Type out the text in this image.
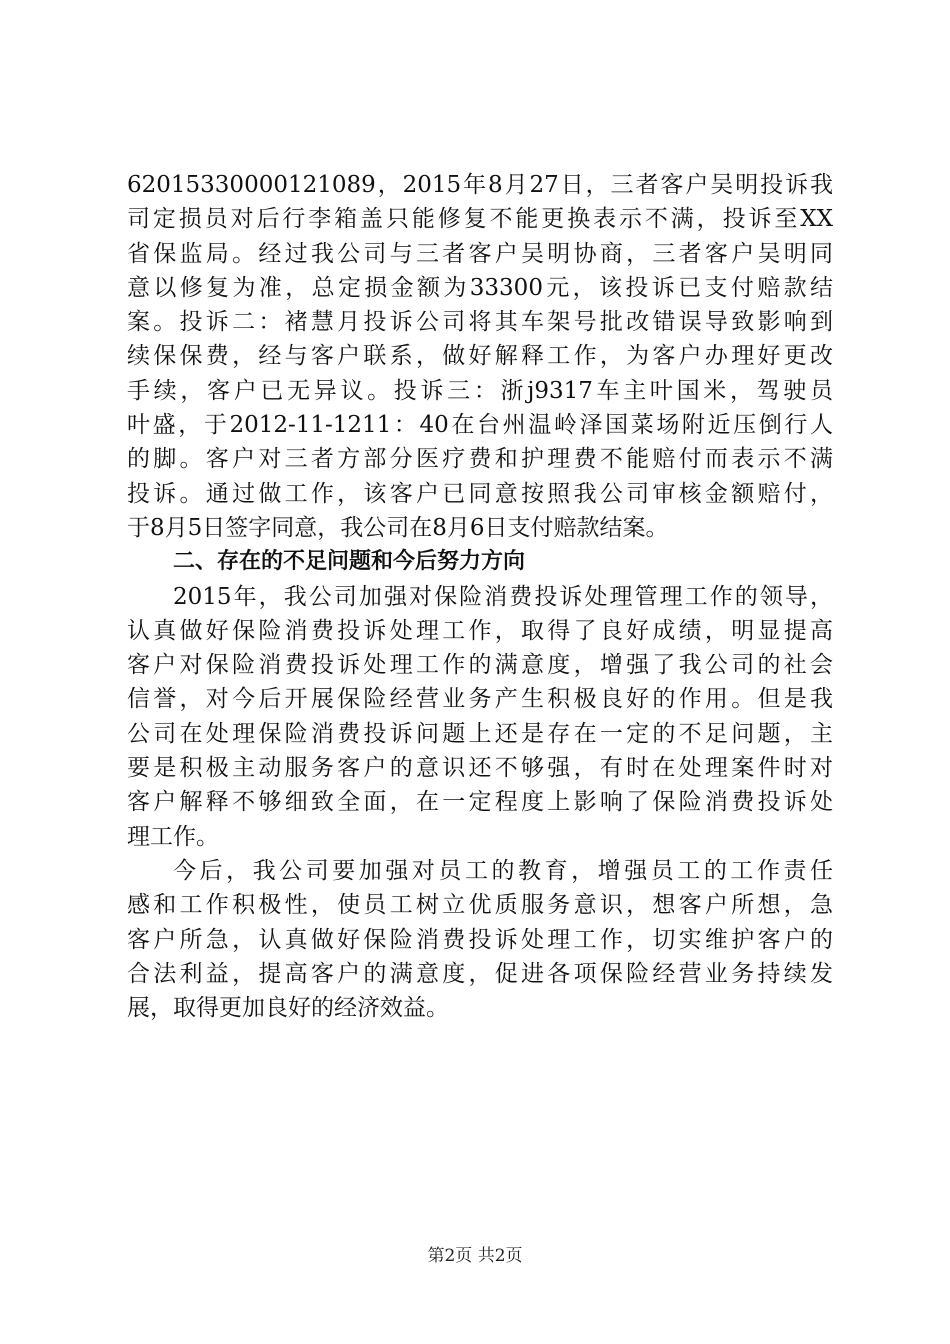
62015330000121089，2015年8月27日，三者客户吴明投诉我
司定损员对后行李箱盖只能修复不能更换表示不满，投诉至XX
省保监局。经过我公司与三者客户吴明协商，三者客户吴明同
意以修复为准，总定损金额为33300元，该投诉已支付赔款结
案。投诉二：褚慧月投诉公司将其车架号批改错误导致影响到
续保保费，经与客户联系，做好解释工作，为客户办理好更改
手续，客户已无异议。投诉三：浙j9317车主叶国米，驾驶员
叶盛，于2012-11-1211：40在台州温岭泽国菜场附近压倒行人
的脚。客户对三者方部分医疗费和护理费不能赔付而表示不满
投诉。通过做工作，该客户已同意按照我公司审核金额赔付，
于8月5日签字同意，我公司在8月6日支付赔款结案。
二、存在的不足问题和今后努力方向
2015年，我公司加强对保险消费投诉处理管理工作的领导，
认真做好保险消费投诉处理工作，取得了良好成绩，明显提高
客户对保险消费投诉处理工作的满意度，增强了我公司的社会
信誉，对今后开展保险经营业务产生积极良好的作用。但是我
公司在处理保险消费投诉问题上还是存在一定的不足问题，主
要是积极主动服务客户的意识还不够强，有时在处理案件时对
客户解释不够细致全面，在一定程度上影响了保险消费投诉处
理工作。
今后，我公司要加强对员工的教育，增强员工的工作责任
感和工作积极性，使员工树立优质服务意识，想客户所想，急
客户所急，认真做好保险消费投诉处理工作，切实维护客户的
合法利益，提高客户的满意度，促进各项保险经营业务持续发
展，取得更加良好的经济效益。
第2页 共2页
